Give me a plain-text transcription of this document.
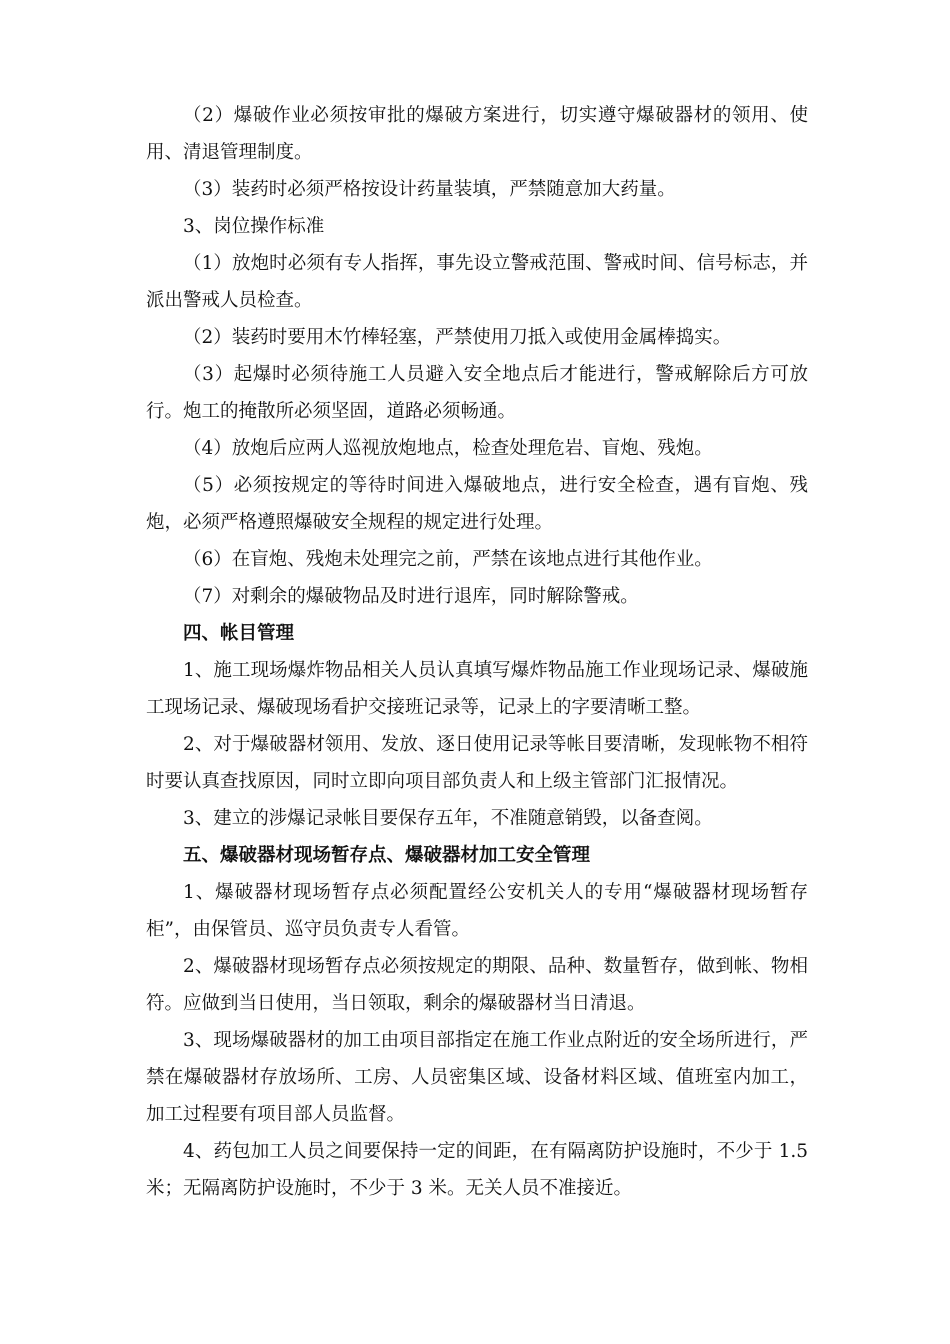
（2）爆破作业必须按审批的爆破方案进行，切实遵守爆破器材的领用、使用、清退管理制度。

（3）装药时必须严格按设计药量装填，严禁随意加大药量。

3、岗位操作标准

（1）放炮时必须有专人指挥，事先设立警戒范围、警戒时间、信号标志，并派出警戒人员检查。

（2）装药时要用木竹棒轻塞，严禁使用刀抵入或使用金属棒捣实。

（3）起爆时必须待施工人员避入安全地点后才能进行，警戒解除后方可放行。炮工的掩散所必须坚固，道路必须畅通。

（4）放炮后应两人巡视放炮地点，检查处理危岩、盲炮、残炮。

（5）必须按规定的等待时间进入爆破地点，进行安全检查，遇有盲炮、残炮，必须严格遵照爆破安全规程的规定进行处理。

（6）在盲炮、残炮未处理完之前，严禁在该地点进行其他作业。

（7）对剩余的爆破物品及时进行退库，同时解除警戒。

四、帐目管理

1、施工现场爆炸物品相关人员认真填写爆炸物品施工作业现场记录、爆破施工现场记录、爆破现场看护交接班记录等，记录上的字要清晰工整。

2、对于爆破器材领用、发放、逐日使用记录等帐目要清晰，发现帐物不相符时要认真查找原因，同时立即向项目部负责人和上级主管部门汇报情况。

3、建立的涉爆记录帐目要保存五年，不准随意销毁，以备查阅。

五、爆破器材现场暂存点、爆破器材加工安全管理

1、爆破器材现场暂存点必须配置经公安机关人的专用“爆破器材现场暂存柜”，由保管员、巡守员负责专人看管。

2、爆破器材现场暂存点必须按规定的期限、品种、数量暂存，做到帐、物相符。应做到当日使用，当日领取，剩余的爆破器材当日清退。

3、现场爆破器材的加工由项目部指定在施工作业点附近的安全场所进行，严禁在爆破器材存放场所、工房、人员密集区域、设备材料区域、值班室内加工，加工过程要有项目部人员监督。

4、药包加工人员之间要保持一定的间距，在有隔离防护设施时，不少于 1.5 米；无隔离防护设施时，不少于 3 米。无关人员不准接近。
